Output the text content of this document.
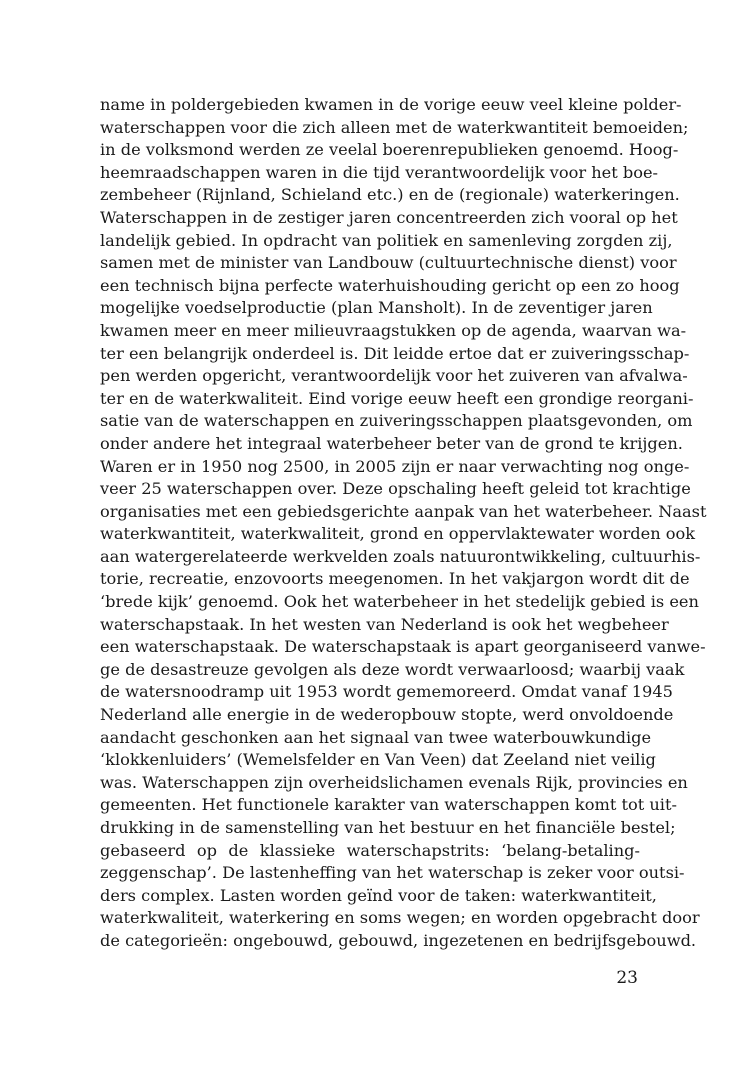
name in poldergebieden kwamen in de vorige eeuw veel kleine polder-
waterschappen voor die zich alleen met de waterkwantiteit bemoeiden;
in de volksmond werden ze veelal boerenrepublieken genoemd. Hoog-
heemraadschappen waren in die tijd verantwoordelijk voor het boe-
zembeheer (Rijnland, Schieland etc.) en de (regionale) waterkeringen.
Waterschappen in de zestiger jaren concentreerden zich vooral op het
landelijk gebied. In opdracht van politiek en samenleving zorgden zij,
samen met de minister van Landbouw (cultuurtechnische dienst) voor
een technisch bijna perfecte waterhuishouding gericht op een zo hoog
mogelijke voedselproductie (plan Mansholt). In de zeventiger jaren
kwamen meer en meer milieuvraagstukken op de agenda, waarvan wa-
ter een belangrijk onderdeel is. Dit leidde ertoe dat er zuiveringsschap-
pen werden opgericht, verantwoordelijk voor het zuiveren van afvalwa-
ter en de waterkwaliteit. Eind vorige eeuw heeft een grondige reorgani-
satie van de waterschappen en zuiveringsschappen plaatsgevonden, om
onder andere het integraal waterbeheer beter van de grond te krijgen.
Waren er in 1950 nog 2500, in 2005 zijn er naar verwachting nog onge-
veer 25 waterschappen over. Deze opschaling heeft geleid tot krachtige
organisaties met een gebiedsgerichte aanpak van het waterbeheer. Naast
waterkwantiteit, waterkwaliteit, grond en oppervlaktewater worden ook
aan watergerelateerde werkvelden zoals natuurontwikkeling, cultuurhis-
torie, recreatie, enzovoorts meegenomen. In het vakjargon wordt dit de
‘brede kijk’ genoemd. Ook het waterbeheer in het stedelijk gebied is een
waterschapstaak. In het westen van Nederland is ook het wegbeheer
een waterschapstaak. De waterschapstaak is apart georganiseerd vanwe-
ge de desastreuze gevolgen als deze wordt verwaarloosd; waarbij vaak
de watersnoodramp uit 1953 wordt gememoreerd. Omdat vanaf 1945
Nederland alle energie in de wederopbouw stopte, werd onvoldoende
aandacht geschonken aan het signaal van twee waterbouwkundige
‘klokkenluiders’ (Wemelsfelder en Van Veen) dat Zeeland niet veilig
was. Waterschappen zijn overheidslichamen evenals Rijk, provincies en
gemeenten. Het functionele karakter van waterschappen komt tot uit-
drukking in de samenstelling van het bestuur en het financiële bestel;
gebaseerd op de klassieke waterschapstrits: ‘belang-betaling-
zeggenschap’. De lastenheffing van het waterschap is zeker voor outsi-
ders complex. Lasten worden geïnd voor de taken: waterkwantiteit,
waterkwaliteit, waterkering en soms wegen; en worden opgebracht door
de categorieën: ongebouwd, gebouwd, ingezetenen en bedrijfsgebouwd.
23
